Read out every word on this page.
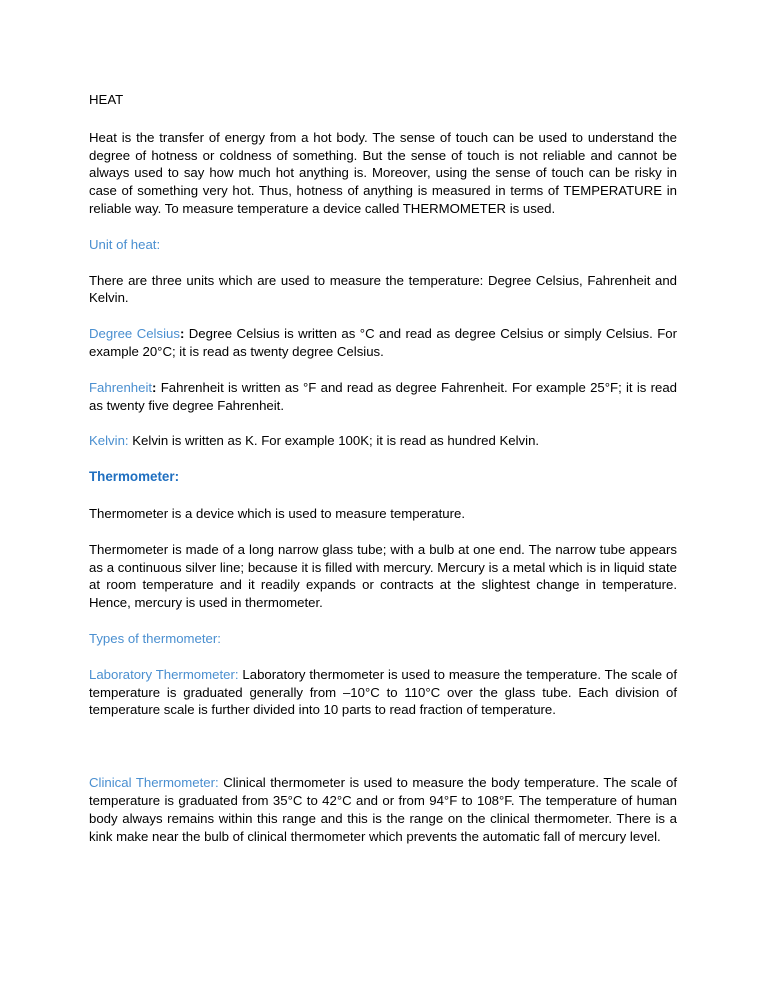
HEAT

Heat is the transfer of energy from a hot body. The sense of touch can be used to understand the degree of hotness or coldness of something. But the sense of touch is not reliable and cannot be always used to say how much hot anything is. Moreover, using the sense of touch can be risky in case of something very hot. Thus, hotness of anything is measured in terms of TEMPERATURE in reliable way. To measure temperature a device called THERMOMETER is used.

Unit of heat:

There are three units which are used to measure the temperature: Degree Celsius, Fahrenheit and Kelvin.

Degree Celsius: Degree Celsius is written as °C and read as degree Celsius or simply Celsius. For example 20°C; it is read as twenty degree Celsius.

Fahrenheit: Fahrenheit is written as °F and read as degree Fahrenheit. For example 25°F; it is read as twenty five degree Fahrenheit.

Kelvin: Kelvin is written as K. For example 100K; it is read as hundred Kelvin.

Thermometer:

Thermometer is a device which is used to measure temperature.

Thermometer is made of a long narrow glass tube; with a bulb at one end. The narrow tube appears as a continuous silver line; because it is filled with mercury. Mercury is a metal which is in liquid state at room temperature and it readily expands or contracts at the slightest change in temperature. Hence, mercury is used in thermometer.

Types of thermometer:

Laboratory Thermometer: Laboratory thermometer is used to measure the temperature. The scale of temperature is graduated generally from –10°C to 110°C over the glass tube. Each division of temperature scale is further divided into 10 parts to read fraction of temperature.

Clinical Thermometer: Clinical thermometer is used to measure the body temperature. The scale of temperature is graduated from 35°C to 42°C and or from 94°F to 108°F. The temperature of human body always remains within this range and this is the range on the clinical thermometer. There is a kink make near the bulb of clinical thermometer which prevents the automatic fall of mercury level.
